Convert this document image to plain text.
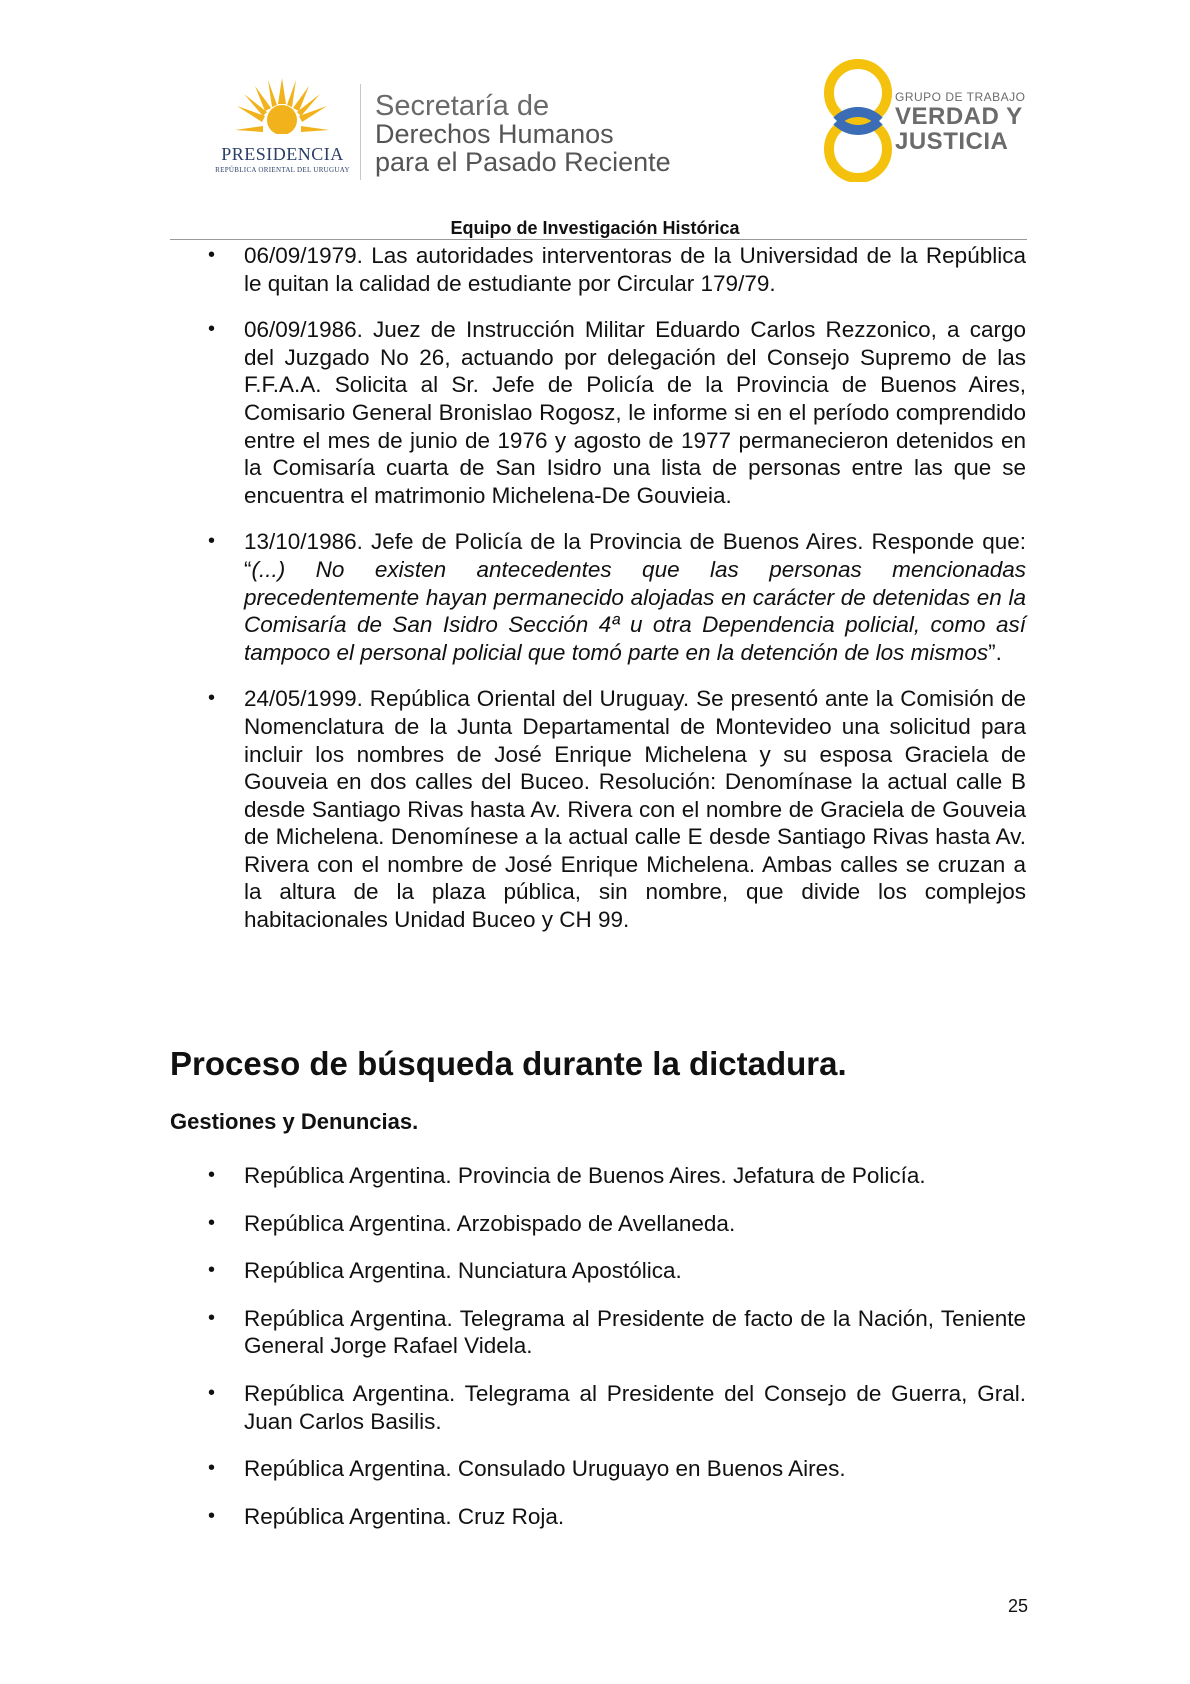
PRESIDENCIA
REPÚBLICA ORIENTAL DEL URUGUAY
Secretaría de
Derechos Humanos
para el Pasado Reciente
GRUPO DE TRABAJO
VERDAD Y
JUSTICIA
Equipo de Investigación Histórica
• 06/09/1979. Las autoridades interventoras de la Universidad de la República le quitan la calidad de estudiante por Circular 179/79.
• 06/09/1986. Juez de Instrucción Militar Eduardo Carlos Rezzonico, a cargo del Juzgado No 26, actuando por delegación del Consejo Supremo de las F.F.A.A. Solicita al Sr. Jefe de Policía de la Provincia de Buenos Aires, Comisario General Bronislao Rogosz, le informe si en el período comprendido entre el mes de junio de 1976 y agosto de 1977 permanecieron detenidos en la Comisaría cuarta de San Isidro una lista de personas entre las que se encuentra el matrimonio Michelena-De Gouvieia.
• 13/10/1986. Jefe de Policía de la Provincia de Buenos Aires. Responde que: “(...) No existen antecedentes que las personas mencionadas precedentemente hayan permanecido alojadas en carácter de detenidas en la Comisaría de San Isidro Sección 4ª u otra Dependencia policial, como así tampoco el personal policial que tomó parte en la detención de los mismos”.
• 24/05/1999. República Oriental del Uruguay. Se presentó ante la Comisión de Nomenclatura de la Junta Departamental de Montevideo una solicitud para incluir los nombres de José Enrique Michelena y su esposa Graciela de Gouveia en dos calles del Buceo. Resolución: Denomínase la actual calle B desde Santiago Rivas hasta Av. Rivera con el nombre de Graciela de Gouveia de Michelena. Denomínese a la actual calle E desde Santiago Rivas hasta Av. Rivera con el nombre de José Enrique Michelena. Ambas calles se cruzan a la altura de la plaza pública, sin nombre, que divide los complejos habitacionales Unidad Buceo y CH 99.
Proceso de búsqueda durante la dictadura.
Gestiones y Denuncias.
• República Argentina. Provincia de Buenos Aires. Jefatura de Policía.
• República Argentina. Arzobispado de Avellaneda.
• República Argentina. Nunciatura Apostólica.
• República Argentina. Telegrama al Presidente de facto de la Nación, Teniente General Jorge Rafael Videla.
• República Argentina. Telegrama al Presidente del Consejo de Guerra, Gral. Juan Carlos Basilis.
• República Argentina. Consulado Uruguayo en Buenos Aires.
• República Argentina. Cruz Roja.
25
